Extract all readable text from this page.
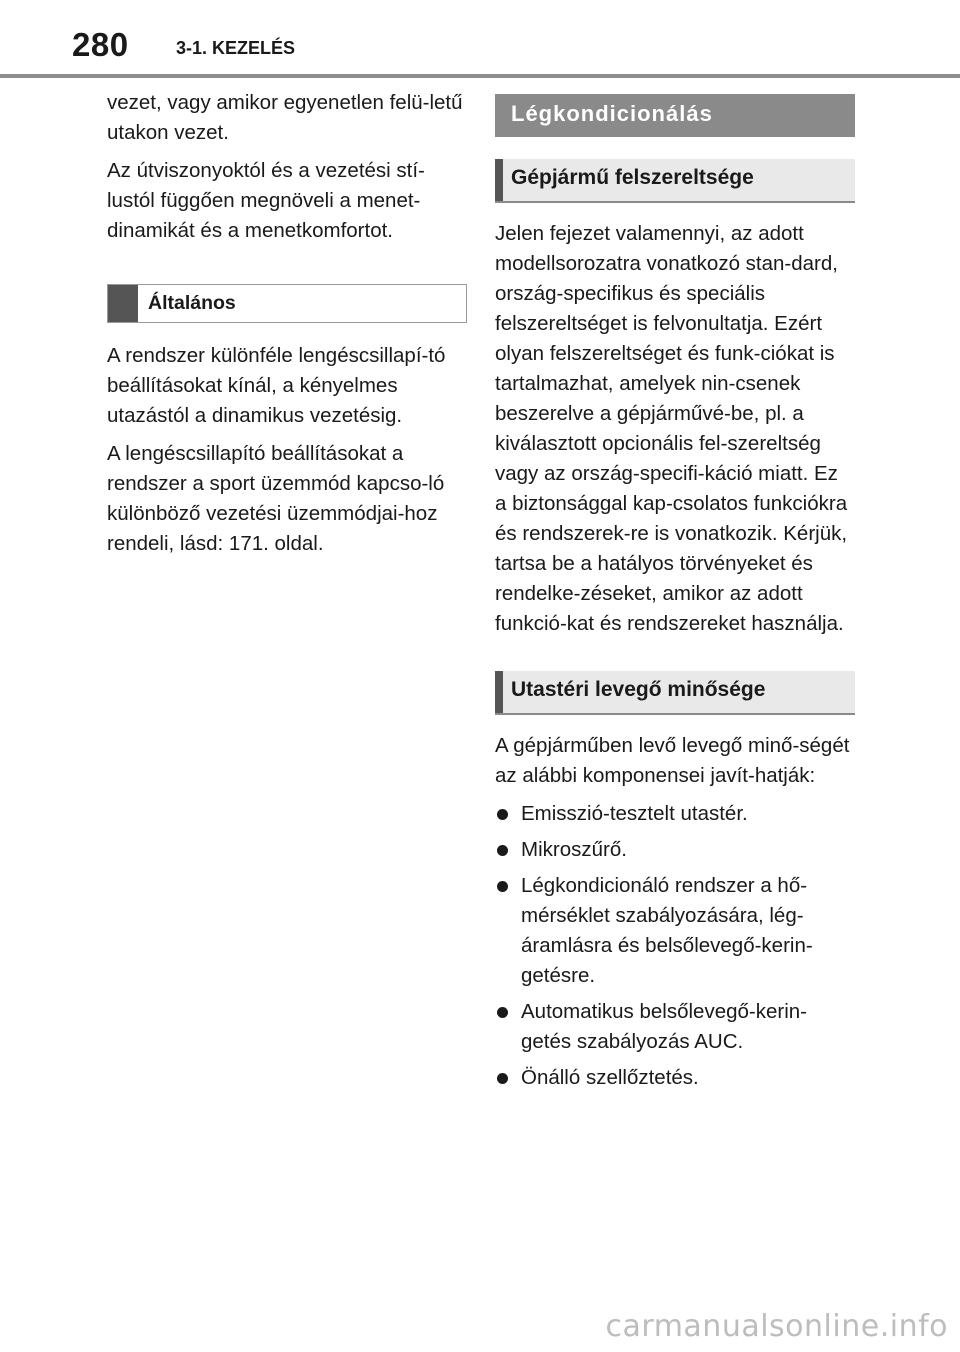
280	3-1. KEZELÉS

vezet, vagy amikor egyenetlen felü-letű utakon vezet.

Az útviszonyoktól és a vezetési stí-lustól függően megnöveli a menet-dinamikát és a menetkomfortot.

Általános

A rendszer különféle lengéscsillapí-tó beállításokat kínál, a kényelmes utazástól a dinamikus vezetésig.

A lengéscsillapító beállításokat a rendszer a sport üzemmód kapcso-ló különböző vezetési üzemmódjai-hoz rendeli, lásd: 171. oldal.

Légkondicionálás
Gépjármű felszereltsége

Jelen fejezet valamennyi, az adott modellsorozatra vonatkozó stan-dard, ország-specifikus és speciális felszereltséget is felvonultatja. Ezért olyan felszereltséget és funk-ciókat is tartalmazhat, amelyek nin-csenek beszerelve a gépjárművé-be, pl. a kiválasztott opcionális fel-szereltség vagy az ország-specifi-káció miatt. Ez a biztonsággal kap-csolatos funkciókra és rendszerek-re is vonatkozik. Kérjük, tartsa be a hatályos törvényeket és rendelke-zéseket, amikor az adott funkció-kat és rendszereket használja.

Utastéri levegő minősége

A gépjárműben levő levegő minő-ségét az alábbi komponensei javít-hatják:

Emisszió-tesztelt utastér.
Mikroszűrő.
Légkondicionáló rendszer a hő-mérséklet szabályozására, lég-áramlásra és belsőlevegő-kerin-getésre.
Automatikus belsőlevegő-kerin-getés szabályozás AUC.
Önálló szellőztetés.
carmanualsonline.info
